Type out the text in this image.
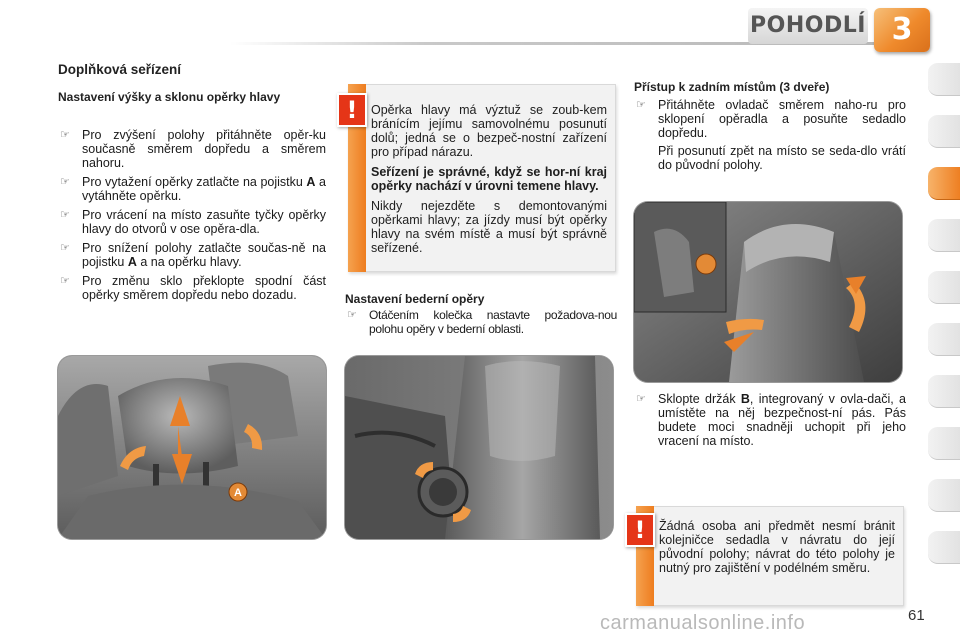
POHODLÍ 3
Doplňková seřízení
Nastavení výšky a sklonu opěrky hlavy
☞ Pro zvýšení polohy přitáhněte opěr-ku současně směrem dopředu a směrem nahoru.
☞ Pro vytažení opěrky zatlačte na pojistku A a vytáhněte opěrku.
☞ Pro vrácení na místo zasuňte tyčky opěrky hlavy do otvorů v ose opěra-dla.
☞ Pro snížení polohy zatlačte součas-ně na pojistku A a na opěrku hlavy.
☞ Pro změnu sklo překlopte spodní část opěrky směrem dopředu nebo dozadu.
!	Opěrka hlavy má výztuž se zoub-kem bránícím jejímu samovolnému posunutí dolů; jedná se o bezpeč-nostní zařízení pro případ nárazu.

Seřízení je správné, když se hor-ní kraj opěrky nachází v úrovni temene hlavy.

Nikdy nejezděte s demontovanými opěrkami hlavy; za jízdy musí být opěrky hlavy na svém místě a musí být správně seřízené.

Nastavení bederní opěry
☞	Otáčením kolečka nastavte požadova-nou polohu opěry v bederní oblasti.
Přístup k zadním místům (3 dveře)
☞ Přitáhněte ovladač směrem naho-ru pro sklopení opěradla a posuňte sedadlo dopředu.
Při posunutí zpět na místo se seda-dlo vrátí do původní polohy.
☞ Sklopte držák B, integrovaný v ovla-dači, a umístěte na něj bezpečnost-ní pás. Pás budete moci snadněji uchopit při jeho vracení na místo.
!	Žádná osoba ani předmět nesmí bránit kolejničce sedadla v návratu do její původní polohy; návrat do této polohy je nutný pro zajištění v podélném směru.

A
61
carmanualsonline.info
